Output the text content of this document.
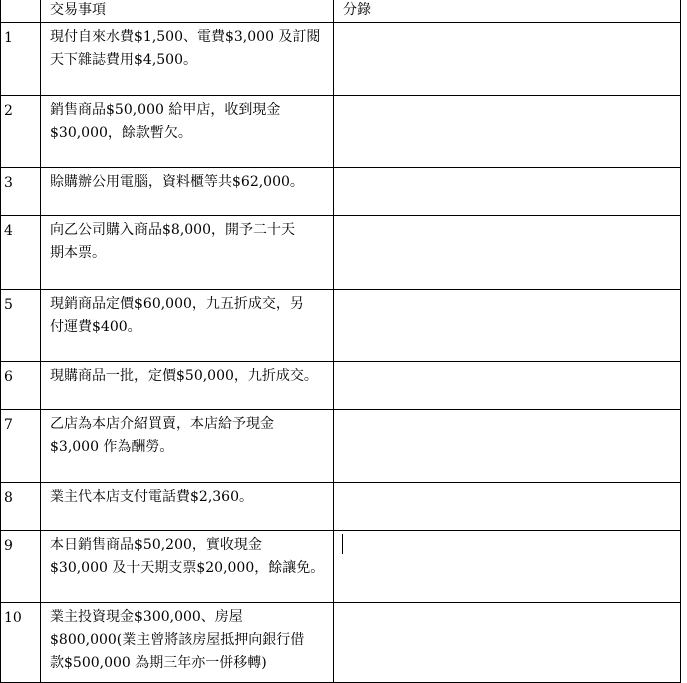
	交易事項	分錄
1	現付自來水費$1,500、電費$3,000 及訂閱
天下雜誌費用$4,500。	

2	銷售商品$50,000 給甲店，收到現金
$30,000，餘款暫欠。	

3	賒購辦公用電腦，資料櫃等共$62,000。	

4	向乙公司購入商品$8,000，開予二十天
期本票。	

5	現銷商品定價$60,000，九五折成交，另
付運費$400。	

6	現購商品一批，定價$50,000，九折成交。	

7	乙店為本店介紹買賣，本店給予現金
$3,000 作為酬勞。	

8	業主代本店支付電話費$2,360。	

9	本日銷售商品$50,200，實收現金
$30,000 及十天期支票$20,000，餘讓免。	

10	業主投資現金$300,000、房屋
$800,000(業主曾將該房屋抵押向銀行借
款$500,000 為期三年亦一併移轉)	
